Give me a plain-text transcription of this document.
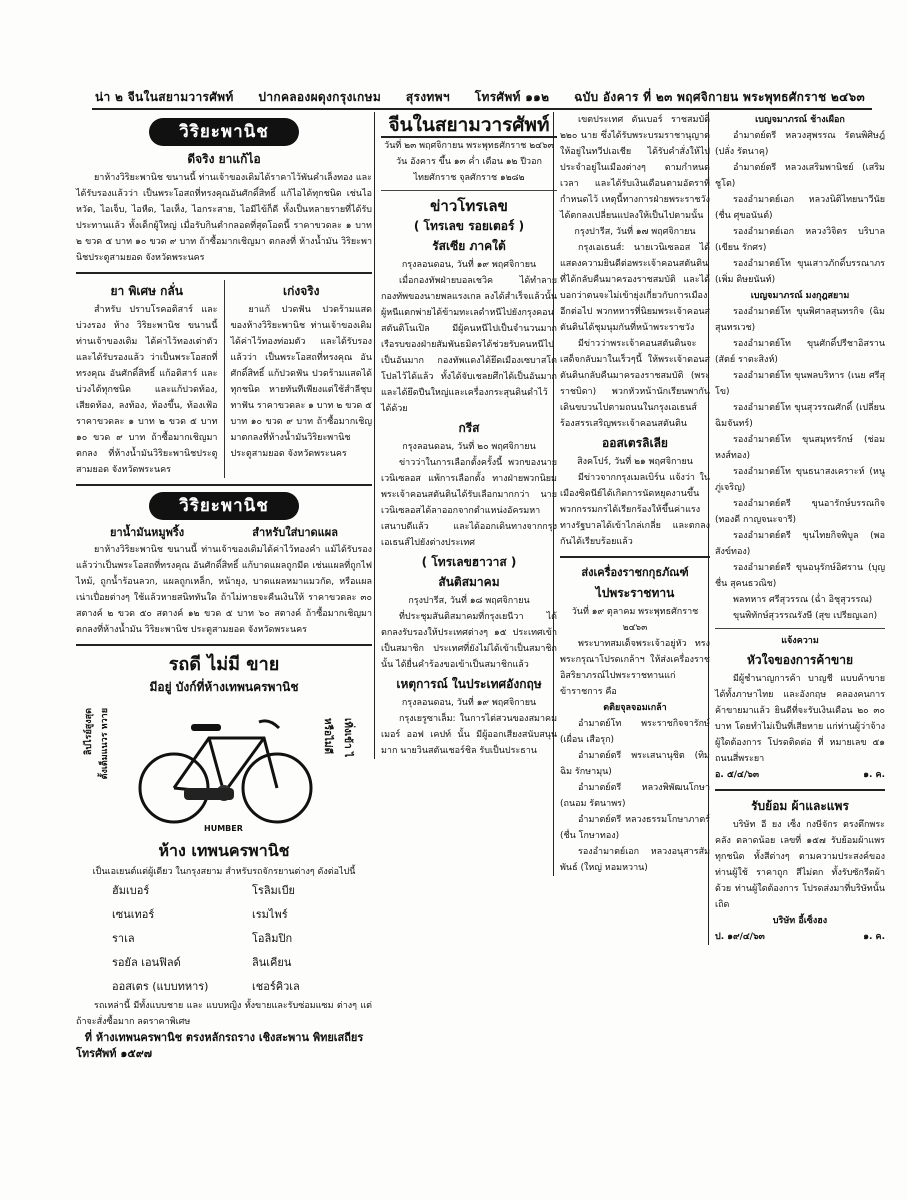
น่า ๒ จีนในสยามวารศัพท์ ปากคลองผดุงกรุงเกษม สุรงทพฯ โทรศัพท์ ๑๑๒ ฉบับ อังคาร ที่ ๒๓ พฤศจิกายน พระพุทธศักราช ๒๔๖๓
วิริยะพานิช
ดีจริง ยาแก้ไอ

ยาห้างวิริยะพานิช ขนานนี้ ท่านเจ้าของเดิมได้ราคาไว้พันคำเล็งทอง และได้รับรองแล้วว่า เป็นพระโอสถที่ทรงคุณอันศักดิ์สิทธิ์ แก้ไอได้ทุกชนิด เช่นไอหวัด, ไอเจ็บ, ไอหืด, ไอเห็ง, ไอกระสาย, ไอมีไข้ก็ดี ทั้งเป็นหลายรายที่ได้รับประทานแล้ว ทั้งเด็กผู้ใหญ่ เมื่อรับกินตำกลอดที่สุดโอดนี้ ราคาขวดละ ๑ บาท ๒ ขวด ๕ บาท ๑๐ ขวด ๙ บาท ถ้าซื้อมากเชิญมา ตกลงที่ ห้างน้ำมัน วิริยะพานิชประตูสามยอด จังหวัดพระนคร

ยา พิเศษ กลั่น

สำหรับ ปราบโรคอติสาร์ และ บ่วงรอง ห้าง วิริยะพานิช ขนานนี้ ท่านเจ้าของเดิม ได้ค่าไว้ทองเต่าตัว และได้รับรองแล้ว ว่าเป็นพระโอสถที่ทรงคุณ อันศักดิ์สิทธิ์ แก้อติสาร์ และบ่วงได้ทุกชนิด และแก้ปวดท้อง, เสียดท้อง, ลงท้อง, ท้องขึ้น, ท้องเฟ้อ ราคาขวดละ ๑ บาท ๒ ขวด ๕ บาท ๑๐ ขวด ๙ บาท ถ้าซื้อมากเชิญมาตกลง ที่ห้างน้ำมันวิริยะพานิชประตูสามยอด จังหวัดพระนคร

เก่งจริง

ยาแก้ ปวดฟัน ปวดร้ามแสด ของห้างวิริยะพานิช ท่านเจ้าของเดิมได้ค่าไว้ทองท่อมตัว และได้รับรองแล้วว่า เป็นพระโอสถที่ทรงคุณ อันศักดิ์สิทธิ์ แก้ปวดฟัน ปวดร้ามแสดได้ทุกชนิด หายทันทีเพียงแต่ใช้สำลีชุบทาฟัน ราคาขวดละ ๑ บาท ๒ ขวด ๕ บาท ๑๐ ขวด ๙ บาท ถ้าซื้อมากเชิญมาตกลงที่ห้างน้ำมันวิริยะพานิช ประตูสามยอด จังหวัดพระนคร

วิริยะพานิช
ยาน้ำมันหมูพริ้ง	สำหรับใส่บาดแผล

ยาห้างวิริยะพานิช ขนานนี้ ท่านเจ้าของเดิมได้ค่าไว้ทองคำ แม้ได้รับรองแล้วว่าเป็นพระโอสถที่ทรงคุณ อันศักดิ์สิทธิ์ แก้บาดแผลถูกมีด เช่นแผลที่ถูกไฟไหม้, ถูกน้ำร้อนลวก, แผลถูกเหล็ก, หน้ายุง, บาดแผลหมาแมวกัด, หรือแผลเน่าเปื่อยต่างๆ ใช้แล้วหายสนิททันใด ถ้าไม่หายจะคืนเงินให้ ราคาขวดละ ๓๐ สตางค์ ๒ ขวด ๕๐ สตางค์ ๑๒ ขวด ๕ บาท ๖๐ สตางค์ ถ้าซื้อมากเชิญมาตกลงที่ห้างน้ำมัน วิริยะพานิช ประตูสามยอด จังหวัดพระนคร

รถดี ไม่มี ขาย
มีอยู่ บังก์ที่ห้างเทพนครพานิช
ลิปไรย์สูงสุด ตั้งเต็มแนวร หวาย	หรือไม่ดี เทิ่งเข้า ไ
HUMBER
ห้าง เทพนครพานิช
เป็นเอเยนต์แต่ผู้เดียว ในกรุงสยาม สำหรับรถจักรยานต่างๆ ดังต่อไปนี้
ฮัมเบอร์	โรลิมเบีย
เซนเทอร์	เรมไพร์
ราเล	โอลิมปิก
รอยัล เอนฟิลด์	ลินเคียน
ออสเตร (แบบทหาร)	เชอร์คิวเล

รถเหล่านี้ มีทั้งแบบชาย และ แบบหญิง ทั้งขายและรับซ่อมแซม ต่างๆ แต่ถ้าจะสั่งซื้อมาก ลดราคาพิเศษ

ที่ ห้างเทพนครพานิช ตรงหลักรถราง เชิงสะพาน พิทยเสถียร
โทรศัพท์ ๑๕๙๗
จีนในสยามวารศัพท์
วันที่ ๒๓ พฤศจิกายน พระพุทธศักราช ๒๔๖๓
วัน อังคาร ขึ้น ๑๓ ค่ำ เดือน ๑๒ ปีวอก
ไทยศักราช จุลศักราช ๑๒๘๒
ข่าวโทรเลข
( โทรเลข รอยเตอร์ )
รัสเซีย ภาคใต้
กรุงลอนดอน, วันที่ ๑๙ พฤศจิกายน

เมื่อกองทัพฝ่ายบอลเชวิค ได้ทำลายกองทัพของนายพลแรงเกล ลงได้สำเร็จแล้วนั้น ผู้หนีแตกพ่ายได้ข้ามทะเลดำหนีไปยังกรุงคอนสตันติโนเปิล มีผู้คนหนีไปเป็นจำนวนมาก เรือรบของฝ่ายสัมพันธมิตรได้ช่วยรับคนหนีไปเป็นอันมาก กองทัพแดงได้ยึดเมืองเซบาสโตโปลไว้ได้แล้ว ทั้งได้จับเชลยศึกได้เป็นอันมาก และได้ยึดปืนใหญ่และเครื่องกระสุนดินดำไว้ได้ด้วย

กรีส
กรุงลอนดอน, วันที่ ๒๐ พฤศจิกายน

ข่าวว่าในการเลือกตั้งครั้งนี้ พวกของนายเวนิเซลอส แพ้การเลือกตั้ง ทางฝ่ายพวกนิยมพระเจ้าคอนสตันตินได้รับเลือกมากกว่า นายเวนิเซลอสได้ลาออกจากตำแหน่งอัครมหาเสนาบดีแล้ว และได้ออกเดินทางจากกรุงเอเธนส์ไปยังต่างประเทศ

( โทรเลขฮาวาส )
สันติสมาคม
กรุงปารีส, วันที่ ๑๘ พฤศจิกายน

ที่ประชุมสันติสมาคมที่กรุงเยนีวา ได้ตกลงรับรองให้ประเทศต่างๆ ๑๕ ประเทศเข้าเป็นสมาชิก ประเทศที่ยังไม่ได้เข้าเป็นสมาชิกนั้น ได้ยื่นคำร้องขอเข้าเป็นสมาชิกแล้ว

เหตุการณ์ ในประเทศอังกฤษ
กรุงลอนดอน, วันที่ ๑๙ พฤศจิกายน

กรุงเยรูซาเล็ม: ในการไต่สวนของสมาคมเมอร์ ออฟ เคปท์ นั้น มีผู้ออกเสียงสนับสนุนมาก นายวินสตันเชอร์ชิล รับเป็นประธาน

เขตประเทศ ดันเบอร์ ราชสมบัติ ๒๒๐ นาย ซึ่งได้รับพระบรมราชานุญาต ให้อยู่ในทวีปเอเชีย ได้รับคำสั่งให้ไปประจำอยู่ในเมืองต่างๆ ตามกำหนดเวลา และได้รับเงินเดือนตามอัตราที่กำหนดไว้ เหตุนี้ทางการฝ่ายพระราชวังได้ตกลงเปลี่ยนแปลงให้เป็นไปตามนั้น

กรุงปารีส, วันที่ ๑๗ พฤศจิกายน

กรุงเอเธนส์: นายเวนิเซลอส ได้แสดงความยินดีต่อพระเจ้าคอนสตันติน ที่ได้กลับคืนมาครองราชสมบัติ และได้บอกว่าตนจะไม่เข้ายุ่งเกี่ยวกับการเมืองอีกต่อไป พวกทหารที่นิยมพระเจ้าคอนสตันตินได้ชุมนุมกันที่หน้าพระราชวัง

มีข่าวว่าพระเจ้าคอนสตันตินจะเสด็จกลับมาในเร็วๆนี้ ให้พระเจ้าตอนสตันตินกลับคืนมาครองราชสมบัติ (พระราชบิดา) พวกหัวหน้านักเรียนพากันเดินขบวนไปตามถนนในกรุงเอเธนส์ ร้องสรรเสริญพระเจ้าคอนสตันติน

ออสเตรลิเลีย
สิงคโปร์, วันที่ ๒๑ พฤศจิกายน

มีข่าวจากกรุงเมลเบิร์น แจ้งว่า ในเมืองซิดนีย์ได้เกิดการนัดหยุดงานขึ้น พวกกรรมกรได้เรียกร้องให้ขึ้นค่าแรง ทางรัฐบาลได้เข้าไกล่เกลี่ย และตกลงกันได้เรียบร้อยแล้ว

ส่งเครื่องราชกกุธภัณฑ์
ไปพระราชทาน
วันที่ ๑๙ ตุลาคม พระพุทธศักราช ๒๔๖๓

พระบาทสมเด็จพระเจ้าอยู่หัว ทรงพระกรุณาโปรดเกล้าฯ ให้ส่งเครื่องราชอิสริยาภรณ์ไปพระราชทานแก่ข้าราชการ คือ

ตติยจุลจอมเกล้า

อำมาตย์โท พระราชกิจจารักษ์ (เผื่อน เสือรุก)

อำมาตย์ตรี พระเสนานุชิต (ทิม ฉิม รักษามุน)

อำมาตย์ตรี หลวงพิพัฒนโกษา (ถนอม รัตนาพร)

อำมาตย์ตรี หลวงธรรมโกษาภาตร์ (ชื่น โกษาทอง)

รองอำมาตย์เอก หลวงอนุสารสัมพันธ์ (ใหญ่ หอมหวาน)

เบญจมาภรณ์ ช้างเผือก

อำมาตย์ตรี หลวงสุพรรณ รัตนพิศิษฎ์ (ปลั่ง รัตนาคุ)

อำมาตย์ตรี หลวงเสริมพานิชย์ (เสริม ชูโต)

รองอำมาตย์เอก หลวงนิติไทยนาวีนัย (ชื่น ศุขอนันต์)

รองอำมาตย์เอก หลวงวิจิตร บริบาล (เขียน รักศร)

รองอำมาตย์โท ขุนเสาวภักดิ์บรรณาภร (เพิ่ม ดิษยนันท์)

เบญจมาภรณ์ มงกุฎสยาม

รองอำมาตย์โท ขุนพิศาลสุนทรกิจ (ฉิม สุนทรเวช)

รองอำมาตย์โท ขุนศักดิ์ปรีชาอิสราน (สัตย์ ราตะสิงห์)

รองอำมาตย์โท ขุนพลบริหาร (เนย ศรีสุโข)

รองอำมาตย์โท ขุนสุวรรณศักดิ์ (เปลี่ยน ฉิมจันทร์)

รองอำมาตย์โท ขุนสมุทรรักษ์ (ช่อม หงส์ทอง)

รองอำมาตย์โท ขุนธนาสงเคราะห์ (หนู ภู่เจริญ)

รองอำมาตย์ตรี ขุนอารักษ์บรรณกิจ (ทองดี กาญจนะจารี)

รองอำมาตย์ตรี ขุนไทยกิจพิบูล (พอ สังข์ทอง)

รองอำมาตย์ตรี ขุนอนุรักษ์อิศราน (บุญชื่น สุคนธวณิช)

พลทหาร ศรีสุวรรณ (ฉ่ำ อิชุสุวรรณ)

ขุนพิทักษ์สุวรรณรังษี (สุข เปรียญเอก)

แจ้งความ
หัวใจของการค้าขาย

มีผู้ชำนาญการค้า บาญชี แบบค้าขายได้ทั้งภาษาไทย และอังกฤษ คลองคนการค้าขายมาแล้ว ยินดีที่จะรับเงินเดือน ๒๐ ๓๐ บาท โดยทำไม่เป็นที่เสียหาย แก่ท่านผู้ว่าจ้าง ผู้ใดต้องการ โปรดติดต่อ ที่ หมายเลข ๕๑ ถนนสี่พระยา

อ. ๕/๔/๖๓	๑. ค.
รับย้อม ผ้าและแพร

บริษัท อี ยง เซ็ง กงษีจักร ตรงตึกพระคลัง ตลาดน้อย เลขที่ ๑๕๗ รับย้อมผ้าแพรทุกชนิด ทั้งสีต่างๆ ตามความประสงค์ของท่านผู้ใช้ ราคาถูก สีไม่ตก ทั้งรับซักรีดผ้าด้วย ท่านผู้ใดต้องการ โปรดส่งมาที่บริษัทนั้นเถิด

บริษัท อี้เซ็งฮง
ป. ๑๙/๔/๖๓	๑. ค.
